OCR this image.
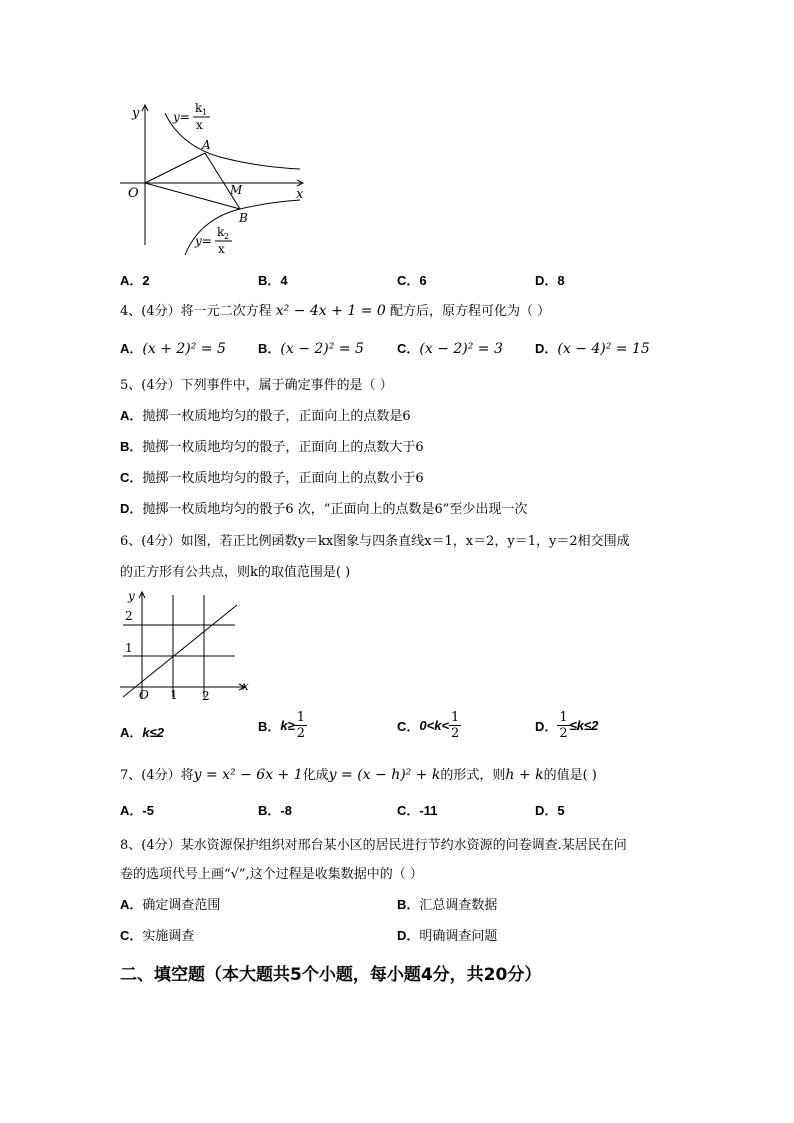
y
x
O
A
M
B
y=
k 1
x
y=
k 2
x
A．2	B．4	C．6	D．8
4、(4分）将一元二次方程 x² − 4x + 1 = 0 配方后，原方程可化为（ ）
A．(x + 2)² = 5 B．(x − 2)² = 5	C．(x − 2)² = 3 D．(x − 4)² = 15
5、(4分）下列事件中，属于确定事件的是（ ）
A．抛掷一枚质地均匀的骰子，正面向上的点数是6
B．抛掷一枚质地均匀的骰子，正面向上的点数大于6
C．抛掷一枚质地均匀的骰子，正面向上的点数小于6
D．抛掷一枚质地均匀的骰子6 次，“正面向上的点数是6”至少出现一次
6、(4分）如图，若正比例函数y＝kx图象与四条直线x＝1，x＝2，y＝1，y＝2相交围成
的正方形有公共点，则k的取值范围是( )
y
x
O 1 2
1
2
A．k≤2	B．$k\ge \frac{1}{2}$	C．$0<k< \frac{1}{2}$	D． $\frac{1}{2} \le k\le 2$
7、(4分）将y = x² − 6x + 1化成y = (x − h)² + k的形式，则h + k的值是( )
A．-5	B．-8	C．-11	D．5
8、(4分）某水资源保护组织对邢台某小区的居民进行节约水资源的问卷调查.某居民在问
卷的选项代号上画“√”,这个过程是收集数据中的（ ）
A．确定调查范围	B．汇总调查数据
C．实施调查	D．明确调查问题
二、填空题（本大题共5个小题，每小题4分，共20分）
